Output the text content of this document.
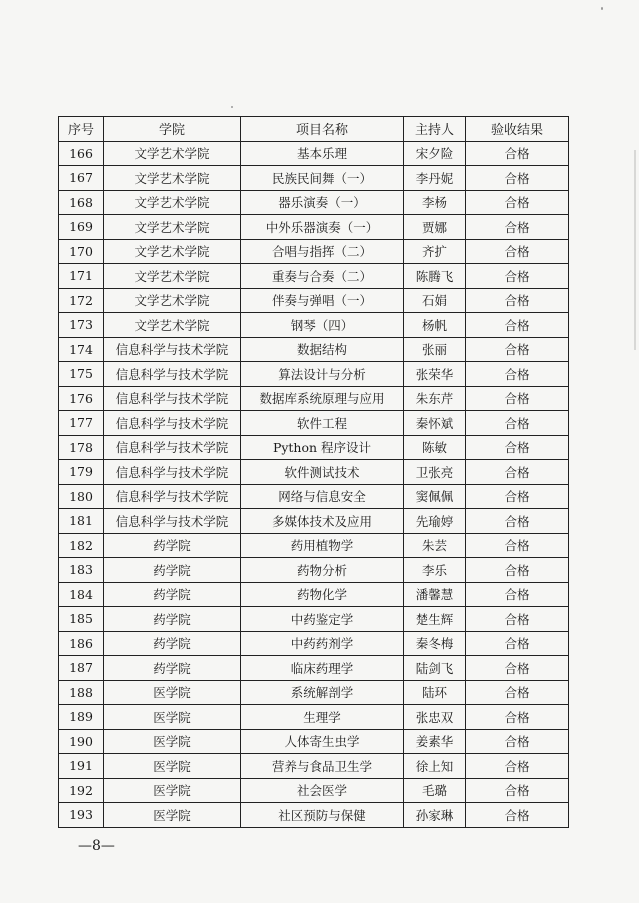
序号	学院	项目名称	主持人	验收结果
166	文学艺术学院	基本乐理	宋夕险	合格
167	文学艺术学院	民族民间舞（一）	李丹妮	合格
168	文学艺术学院	器乐演奏（一）	李杨	合格
169	文学艺术学院	中外乐器演奏（一）	贾娜	合格
170	文学艺术学院	合唱与指挥（二）	齐扩	合格
171	文学艺术学院	重奏与合奏（二）	陈腾飞	合格
172	文学艺术学院	伴奏与弹唱（一）	石娟	合格
173	文学艺术学院	钢琴（四）	杨帆	合格
174	信息科学与技术学院	数据结构	张丽	合格
175	信息科学与技术学院	算法设计与分析	张荣华	合格
176	信息科学与技术学院	数据库系统原理与应用	朱东芹	合格
177	信息科学与技术学院	软件工程	秦怀斌	合格
178	信息科学与技术学院	Python 程序设计	陈敏	合格
179	信息科学与技术学院	软件测试技术	卫张亮	合格
180	信息科学与技术学院	网络与信息安全	窦佩佩	合格
181	信息科学与技术学院	多媒体技术及应用	先瑜婷	合格
182	药学院	药用植物学	朱芸	合格
183	药学院	药物分析	李乐	合格
184	药学院	药物化学	潘馨慧	合格
185	药学院	中药鉴定学	楚生辉	合格
186	药学院	中药药剂学	秦冬梅	合格
187	药学院	临床药理学	陆剑飞	合格
188	医学院	系统解剖学	陆环	合格
189	医学院	生理学	张忠双	合格
190	医学院	人体寄生虫学	姜素华	合格
191	医学院	营养与食品卫生学	徐上知	合格
192	医学院	社会医学	毛璐	合格
193	医学院	社区预防与保健	孙家琳	合格
—8—
